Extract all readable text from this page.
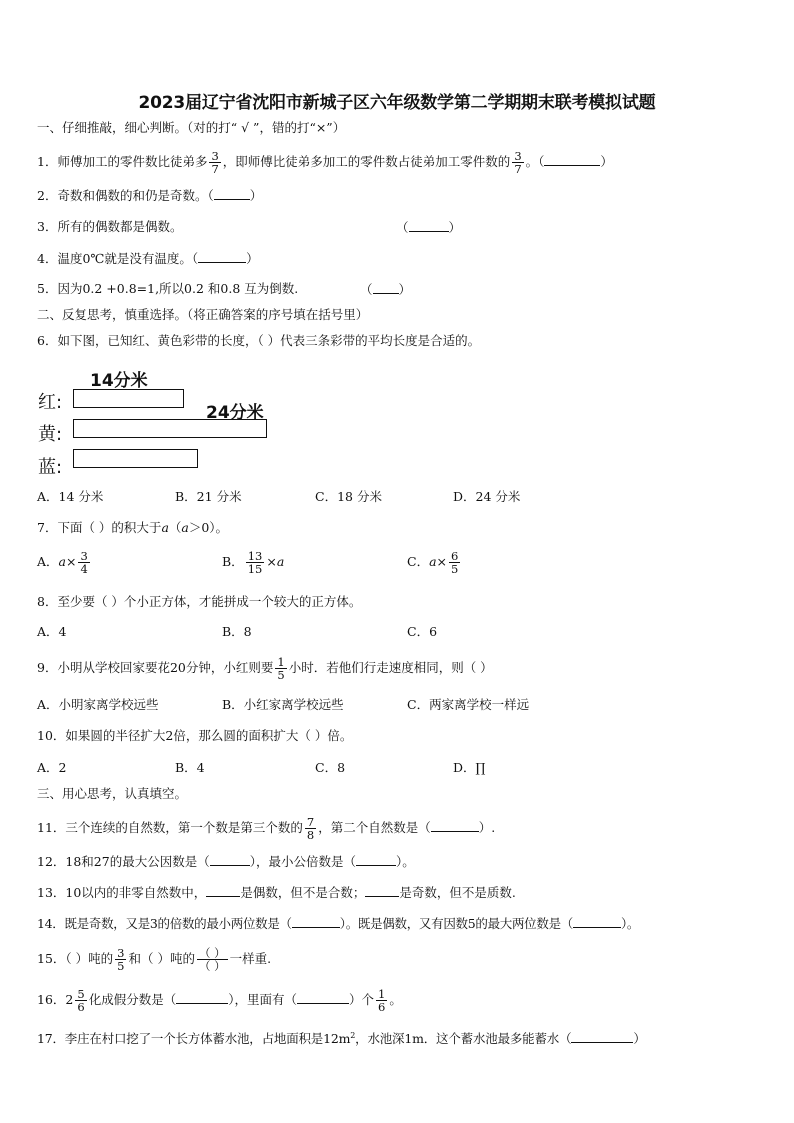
2023届辽宁省沈阳市新城子区六年级数学第二学期期末联考模拟试题
一、仔细推敲，细心判断。（对的打“ √ ”，错的打“×”）
1．师傅加工的零件数比徒弟多 $\frac{3}{7}$ ，即师傅比徒弟多加工的零件数占徒弟加工零件数的 $\frac{3}{7}$ 。（	）
2．奇数和偶数的和仍是奇数。（	）
3．所有的偶数都是偶数。	（	）
4．温度0℃就是没有温度。（	）
5．因为0.2 +0.8=1,所以0.2 和0.8 互为倒数.	（ ）
二、反复思考，慎重选择。（将正确答案的序号填在括号里）
6．如下图，已知红、黄色彩带的长度，（ ）代表三条彩带的平均长度是合适的。
14分米
24分米
红:
黄:
蓝:
A．14 分米	B．21 分米	C．18 分米	D．24 分米
7．下面（ ）的积大于a（a＞0）。
A．$a\times \frac{3}{4}$	B． $\frac{13}{15} \times a$	C．$a\times \frac{6}{5}$
8．至少要（ ）个小正方体，才能拼成一个较大的正方体。
A．4	B．8	C．6
9．小明从学校回家要花20分钟，小红则要 $\frac{1}{5}$ 小时．若他们行走速度相同，则（ ）
A．小明家离学校远些	B．小红家离学校远些	C．两家离学校一样远
10．如果圆的半径扩大2倍，那么圆的面积扩大（ ）倍。
A．2	B．4	C．8	D．∏
三、用心思考，认真填空。
11．三个连续的自然数，第一个数是第三个数的 $\frac{7}{8}$ ，第二个自然数是（	）.
12．18和27的最大公因数是（	），最小公倍数是（	）。
13．10以内的非零自然数中，	是偶数，但不是合数；	是奇数，但不是质数.
14．既是奇数，又是3的倍数的最小两位数是（	）。既是偶数，又有因数5的最大两位数是（	）。
15．（ ）吨的 $\frac{3}{5}$ 和（ ）吨的 $\frac{( )}{( )}$ 一样重.
16．$2 \frac{5}{6}$ 化成假分数是（	），里面有（	）个 $\frac{1}{6}$ 。
17．李庄在村口挖了一个长方体蓄水池，占地面积是$12m^2$，水池深1m．这个蓄水池最多能蓄水（	）
